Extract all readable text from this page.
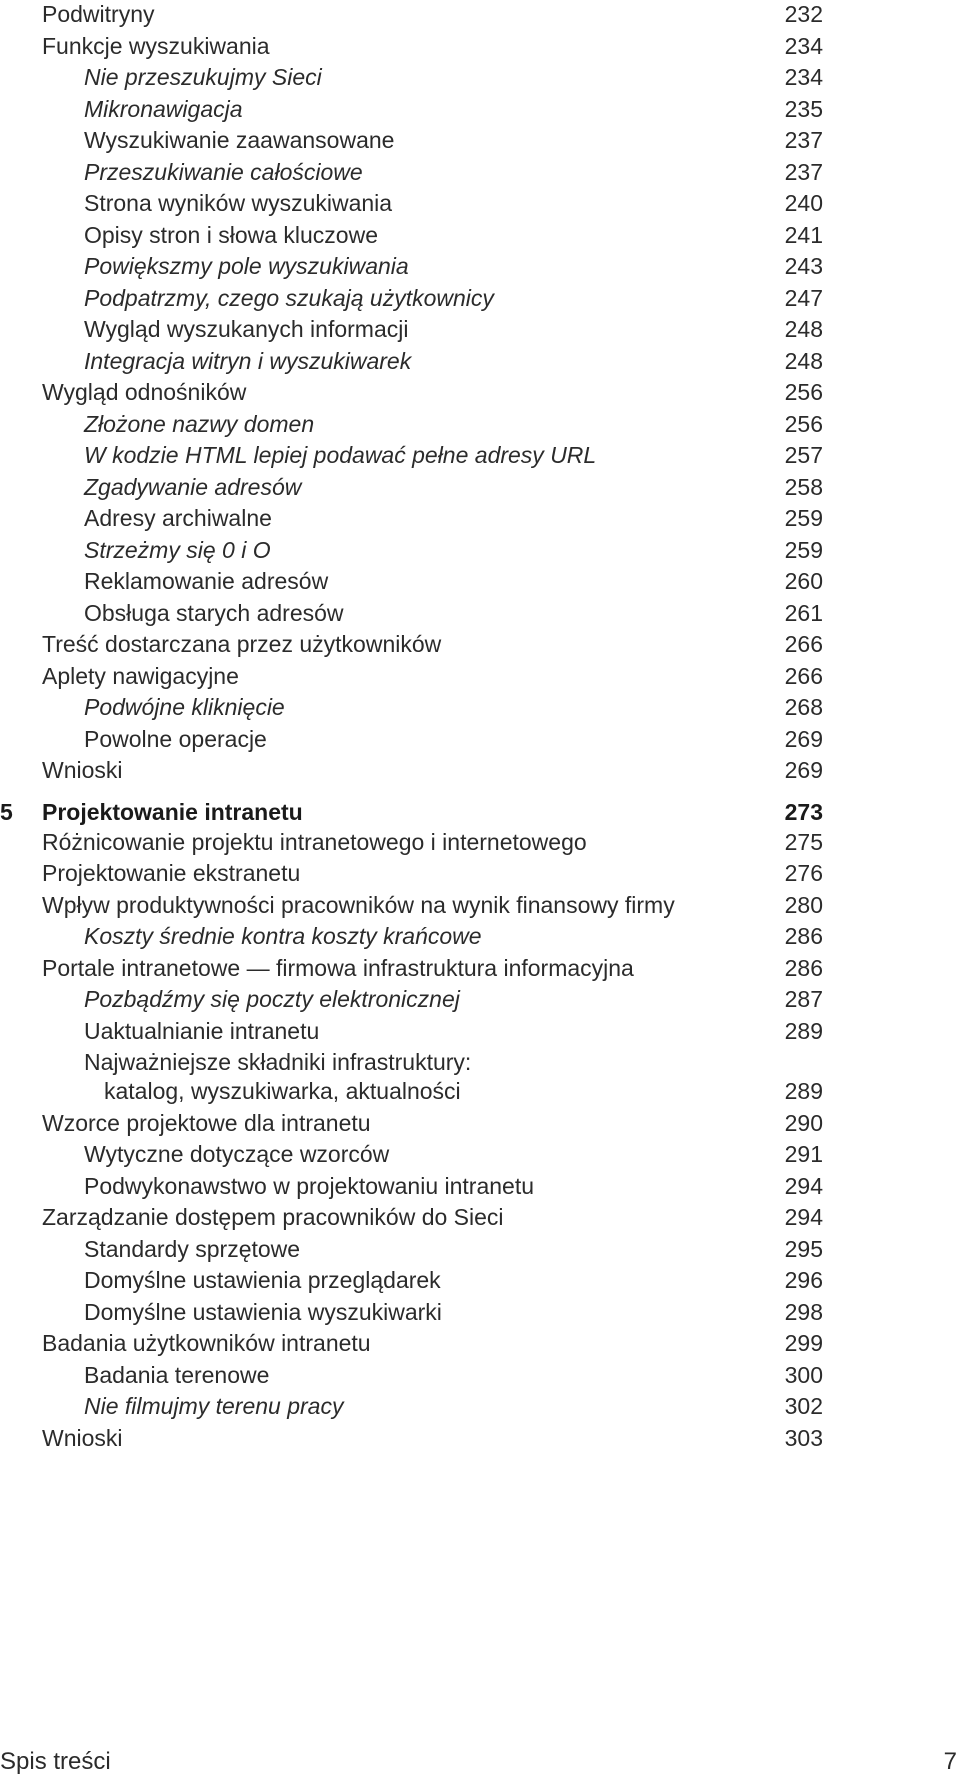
Podwitryny	232
Funkcje wyszukiwania	234
Nie przeszukujmy Sieci	234
Mikronawigacja	235
Wyszukiwanie zaawansowane	237
Przeszukiwanie całościowe	237
Strona wyników wyszukiwania	240
Opisy stron i słowa kluczowe	241
Powiększmy pole wyszukiwania	243
Podpatrzmy, czego szukają użytkownicy	247
Wygląd wyszukanych informacji	248
Integracja witryn i wyszukiwarek	248
Wygląd odnośników	256
Złożone nazwy domen	256
W kodzie HTML lepiej podawać pełne adresy URL	257
Zgadywanie adresów	258
Adresy archiwalne	259
Strzeżmy się 0 i O	259
Reklamowanie adresów	260
Obsługa starych adresów	261
Treść dostarczana przez użytkowników	266
Aplety nawigacyjne	266
Podwójne kliknięcie	268
Powolne operacje	269
Wnioski	269
5 Projektowanie intranetu	273
Różnicowanie projektu intranetowego i internetowego	275
Projektowanie ekstranetu	276
Wpływ produktywności pracowników na wynik finansowy firmy	280
Koszty średnie kontra koszty krańcowe	286
Portale intranetowe — firmowa infrastruktura informacyjna	286
Pozbądźmy się poczty elektronicznej	287
Uaktualnianie intranetu	289
Najważniejsze składniki infrastruktury:
katalog, wyszukiwarka, aktualności	289
Wzorce projektowe dla intranetu	290
Wytyczne dotyczące wzorców	291
Podwykonawstwo w projektowaniu intranetu	294
Zarządzanie dostępem pracowników do Sieci	294
Standardy sprzętowe	295
Domyślne ustawienia przeglądarek	296
Domyślne ustawienia wyszukiwarki	298
Badania użytkowników intranetu	299
Badania terenowe	300
Nie filmujmy terenu pracy	302
Wnioski	303
Spis treści	7
